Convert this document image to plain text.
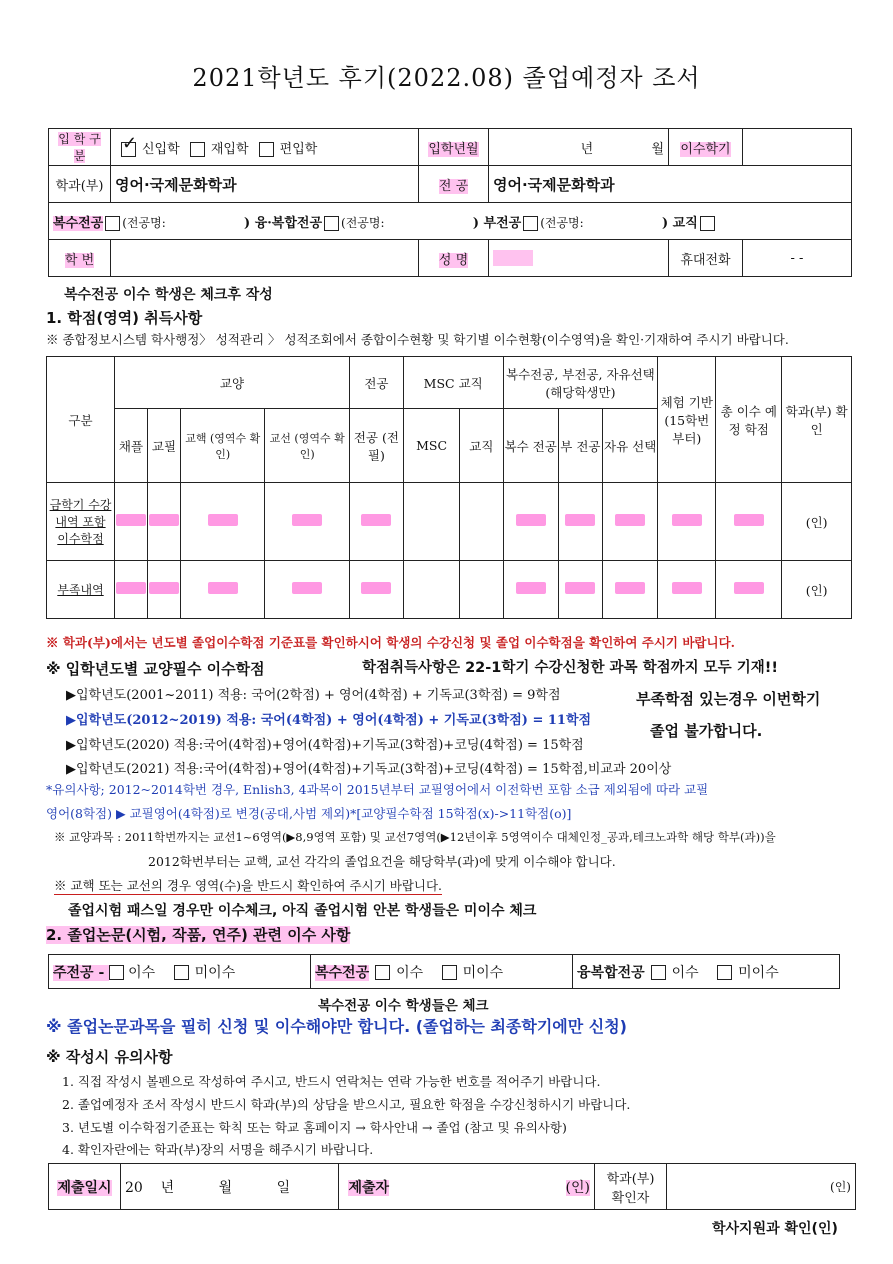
2021학년도 후기(2022.08) 졸업예정자 조서
입 학 구 분	✓ 신입학 재입학 편입학	입학년월	년 월	이수학기	
학과(부)	영어·국제문화학과	전 공	영어·국제문화학과		
복수전공 (전공명: ) 융·복합전공 (전공명: ) 부전공 (전공명: ) 교직					
학 번		성 명		휴대전화	- -
복수전공 이수 학생은 체크후 작성
1. 학점(영역) 취득사항
※ 종합정보시스템 학사행정〉 성적관리 〉 성적조회에서 종합이수현황 및 학기별 이수현황(이수영역)을 확인·기재하여 주시기 바랍니다.
구분	교양				전공	MSC 교직		복수전공, 부전공, 자유선택 (해당학생만)			체험 기반 (15학번 부터)	총 이수 예정 학점	학과(부) 확인
	채플	교필	교핵 (영역수 확인)	교선 (영역수 확인)	전공 (전필)	MSC	교직	복수 전공	부 전공	자유 선택			
금학기 수강내역 포함 이수학점													(인)
부족내역													(인)
※ 학과(부)에서는 년도별 졸업이수학점 기준표를 확인하시어 학생의 수강신청 및 졸업 이수학점을 확인하여 주시기 바랍니다.
※ 입학년도별 교양필수 이수학점	학점취득사항은 22-1학기 수강신청한 과목 학점까지 모두 기재!!
▶입학년도(2001~2011) 적용: 국어(2학점) + 영어(4학점) + 기독교(3학점) = 9학점
▶입학년도(2012~2019) 적용: 국어(4학점) + 영어(4학점) + 기독교(3학점) = 11학점
▶입학년도(2020) 적용:국어(4학점)+영어(4학점)+기독교(3학점)+코딩(4학점) = 15학점
▶입학년도(2021) 적용:국어(4학점)+영어(4학점)+기독교(3학점)+코딩(4학점) = 15학점,비교과 20이상
부족학점 있는경우 이번학기
졸업 불가합니다.
*유의사항; 2012~2014학번 경우, Enlish3, 4과목이 2015년부터 교필영어에서 이전학번 포함 소급 제외됨에 따라 교필
영어(8학점) ▶ 교필영어(4학점)로 변경(공대,사범 제외)*[교양필수학점 15학점(x)->11학점(o)]
※ 교양과목 : 2011학번까지는 교선1~6영역(▶8,9영역 포함) 및 교선7영역(▶12년이후 5영역이수 대체인정_공과,테크노과학 해당 학부(과))을
2012학번부터는 교핵, 교선 각각의 졸업요건을 해당학부(과)에 맞게 이수해야 합니다.
※ 교핵 또는 교선의 경우 영역(수)을 반드시 확인하여 주시기 바랍니다.
졸업시험 패스일 경우만 이수체크, 아직 졸업시험 안본 학생들은 미이수 체크
2. 졸업논문(시험, 작품, 연주) 관련 이수 사항
주전공 - 이수	미이수	복수전공 이수	미이수	융복합전공 이수	미이수
복수전공 이수 학생들은 체크
※ 졸업논문과목을 필히 신청 및 이수해야만 합니다. (졸업하는 최종학기에만 신청)
※ 작성시 유의사항
1. 직접 작성시 볼펜으로 작성하여 주시고, 반드시 연락처는 연락 가능한 번호를 적어주기 바랍니다.
2. 졸업예정자 조서 작성시 반드시 학과(부)의 상담을 받으시고, 필요한 학점을 수강신청하시기 바랍니다.
3. 년도별 이수학점기준표는 학칙 또는 학교 홈페이지 → 학사안내 → 졸업 (참고 및 유의사항)
4. 확인자란에는 학과(부)장의 서명을 해주시기 바랍니다.
제출일시	20    년          월          일	제출자	(인)	학과(부) 확인자	(인)
학사지원과 확인(인)
